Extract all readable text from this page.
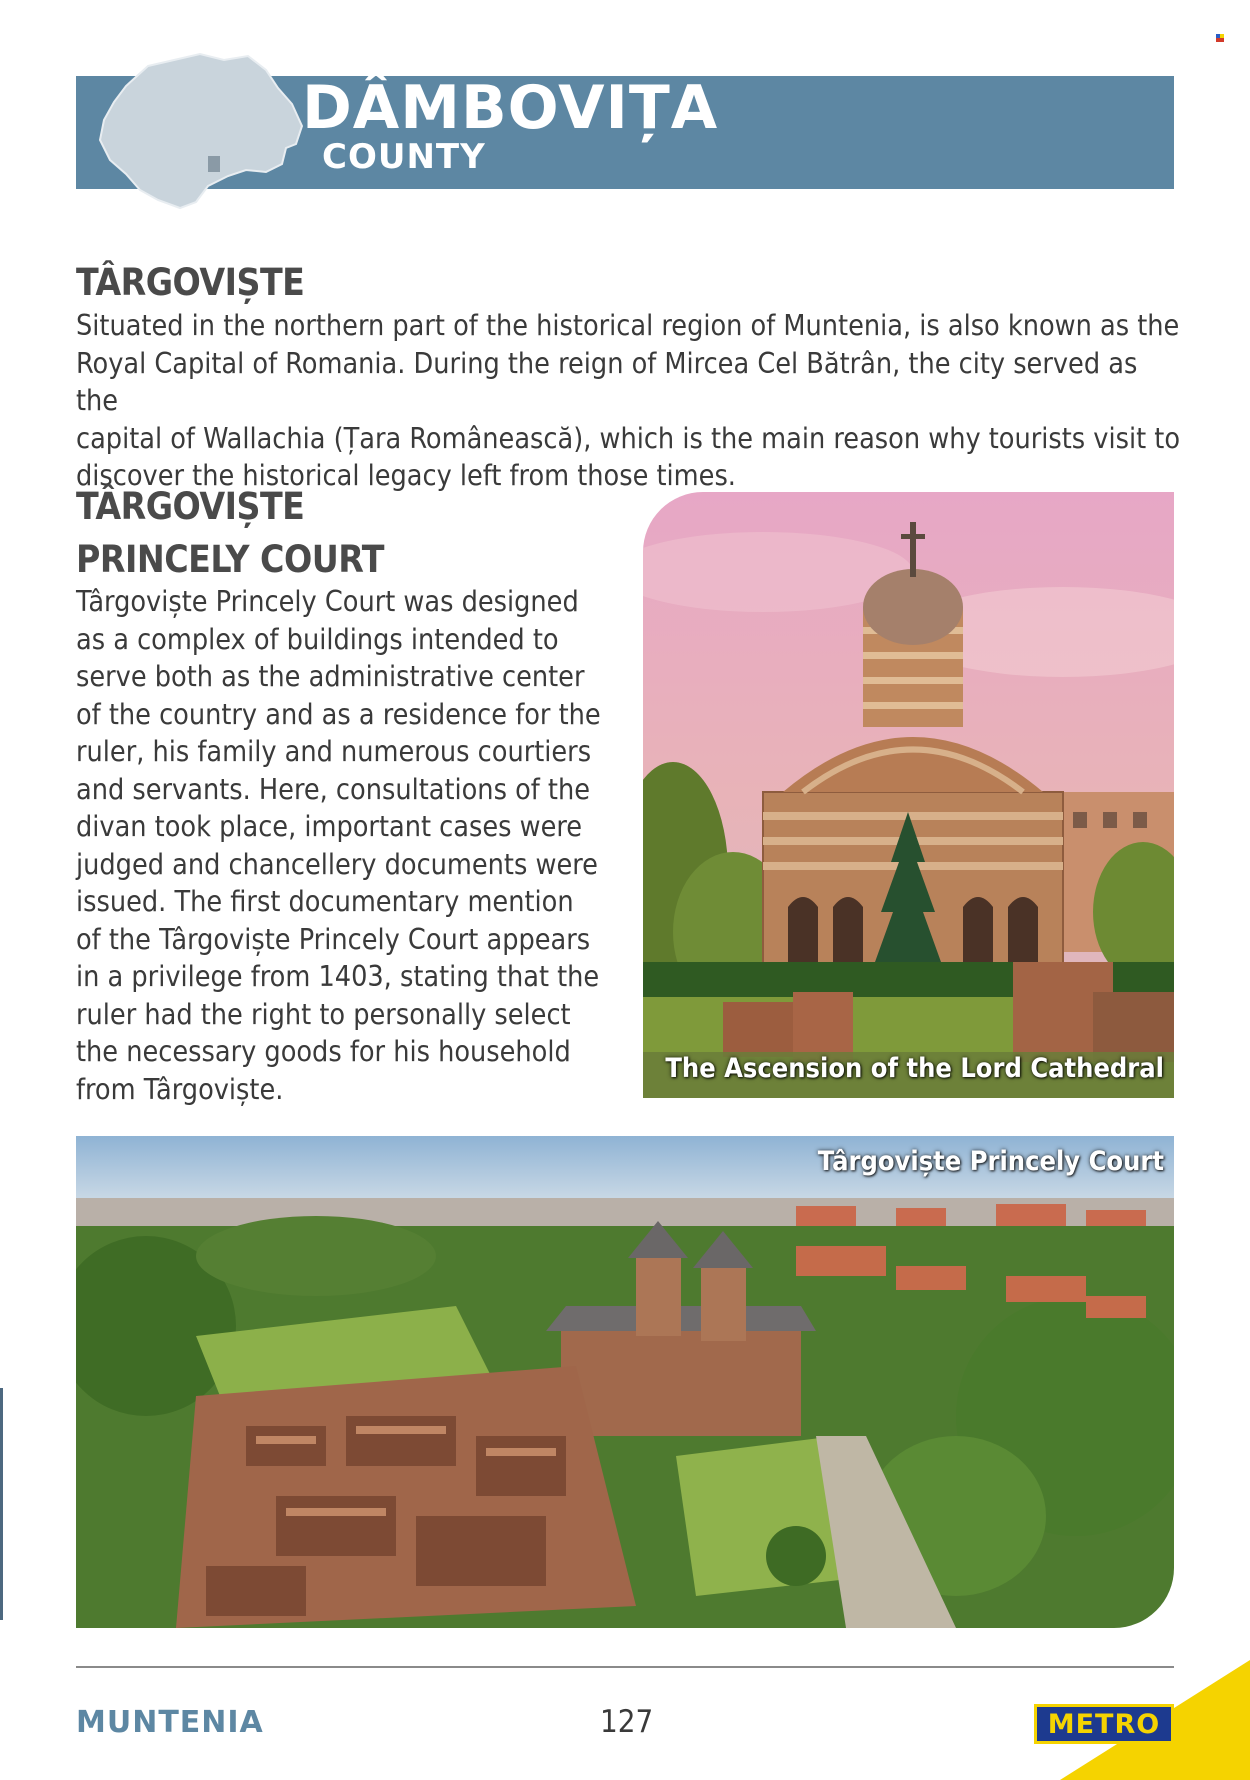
DÂMBOVIȚA
COUNTY
TÂRGOVIȘTE
Situated in the northern part of the historical region of Muntenia, is also known as the
Royal Capital of Romania. During the reign of Mircea Cel Bătrân, the city served as the
capital of Wallachia (Țara Românească), which is the main reason why tourists visit to
discover the historical legacy left from those times.
TÂRGOVIȘTE
PRINCELY COURT
Târgoviște Princely Court was designed
as a complex of buildings intended to
serve both as the administrative center
of the country and as a residence for the
ruler, his family and numerous courtiers
and servants. Here, consultations of the
divan took place, important cases were
judged and chancellery documents were
issued. The first documentary mention
of the Târgoviște Princely Court appears
in a privilege from 1403, stating that the
ruler had the right to personally select
the necessary goods for his household
from Târgoviște.
The Ascension of the Lord Cathedral
Târgoviște Princely Court
MUNTENIA	127	METRO
